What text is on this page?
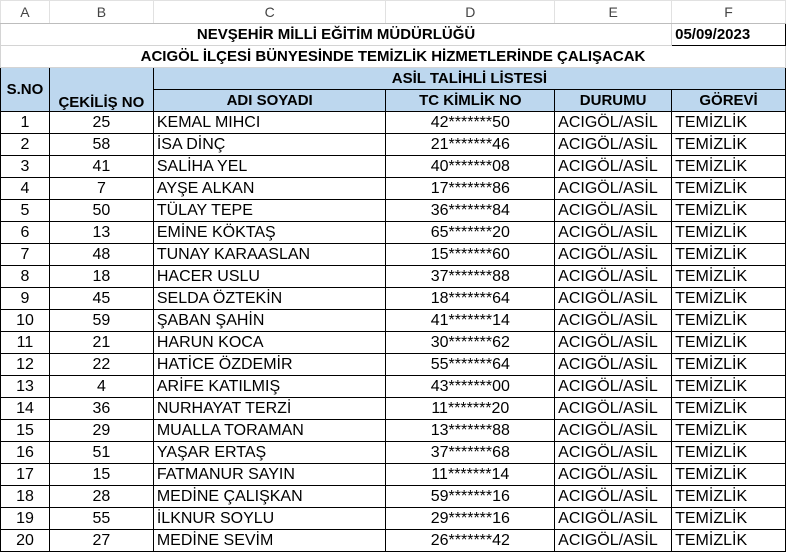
A	B	C	D	E	F
NEVŞEHİR MİLLİ EĞİTİM MÜDÜRLÜĞÜ					05/09/2023
ACIGÖL İLÇESİ BÜNYESİNDE TEMİZLİK HİZMETLERİNDE ÇALIŞACAK					
S.NO	ÇEKİLİŞ NO	ASİL TALİHLİ LİSTESİ			
		ADI SOYADI	TC KİMLİK NO	DURUMU	GÖREVİ
1	25	KEMAL MIHCI	42*******50	ACIGÖL/ASİL	TEMİZLİK
2	58	İSA DİNÇ	21*******46	ACIGÖL/ASİL	TEMİZLİK
3	41	SALİHA YEL	40*******08	ACIGÖL/ASİL	TEMİZLİK
4	7	AYŞE ALKAN	17*******86	ACIGÖL/ASİL	TEMİZLİK
5	50	TÜLAY TEPE	36*******84	ACIGÖL/ASİL	TEMİZLİK
6	13	EMİNE KÖKTAŞ	65*******20	ACIGÖL/ASİL	TEMİZLİK
7	48	TUNAY KARAASLAN	15*******60	ACIGÖL/ASİL	TEMİZLİK
8	18	HACER USLU	37*******88	ACIGÖL/ASİL	TEMİZLİK
9	45	SELDA ÖZTEKİN	18*******64	ACIGÖL/ASİL	TEMİZLİK
10	59	ŞABAN ŞAHİN	41*******14	ACIGÖL/ASİL	TEMİZLİK
11	21	HARUN KOCA	30*******62	ACIGÖL/ASİL	TEMİZLİK
12	22	HATİCE ÖZDEMİR	55*******64	ACIGÖL/ASİL	TEMİZLİK
13	4	ARİFE KATILMIŞ	43*******00	ACIGÖL/ASİL	TEMİZLİK
14	36	NURHAYAT TERZİ	11*******20	ACIGÖL/ASİL	TEMİZLİK
15	29	MUALLA TORAMAN	13*******88	ACIGÖL/ASİL	TEMİZLİK
16	51	YAŞAR ERTAŞ	37*******68	ACIGÖL/ASİL	TEMİZLİK
17	15	FATMANUR SAYIN	11*******14	ACIGÖL/ASİL	TEMİZLİK
18	28	MEDİNE ÇALIŞKAN	59*******16	ACIGÖL/ASİL	TEMİZLİK
19	55	İLKNUR SOYLU	29*******16	ACIGÖL/ASİL	TEMİZLİK
20	27	MEDİNE SEVİM	26*******42	ACIGÖL/ASİL	TEMİZLİK
